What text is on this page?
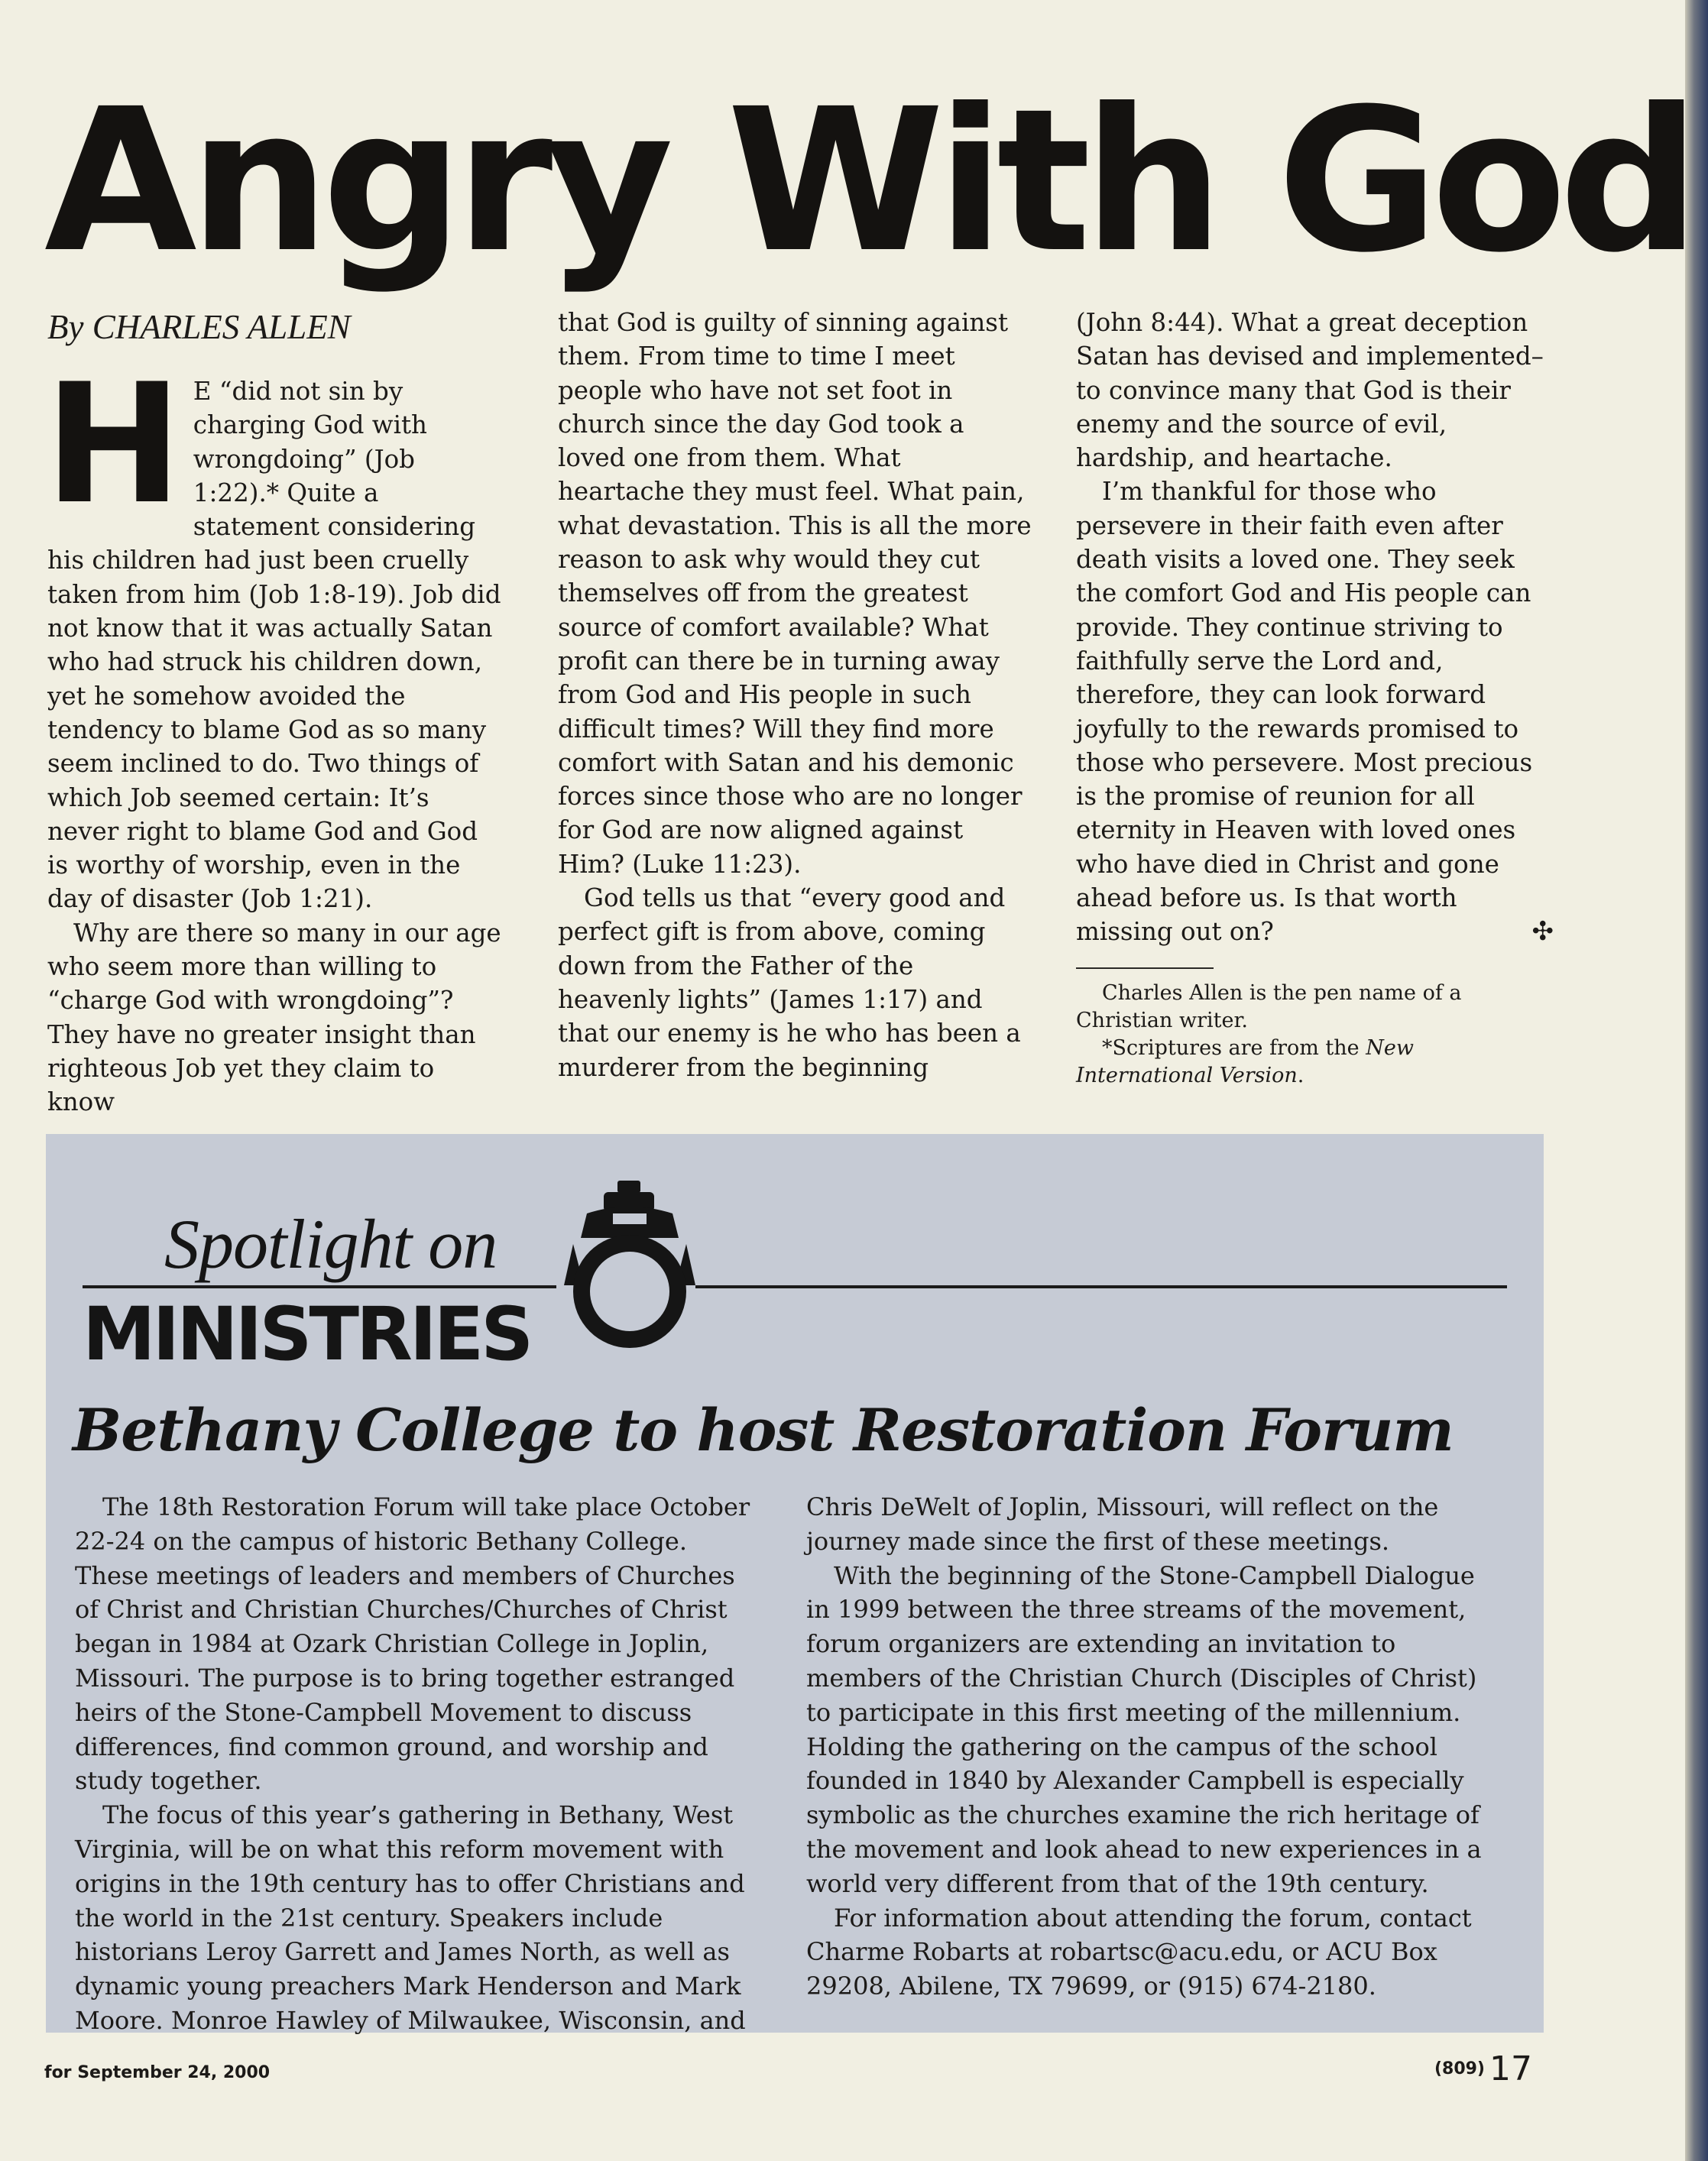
Angry With God
By CHARLES ALLEN

H E “did not sin by charging God with wrongdoing” (Job 1:22).* Quite a statement considering his children had just been cruelly taken from him (Job 1:8-19). Job did not know that it was actually Satan who had struck his children down, yet he somehow avoided the tendency to blame God as so many seem inclined to do. Two things of which Job seemed certain: It’s never right to blame God and God is worthy of worship, even in the day of disaster (Job 1:21).

Why are there so many in our age who seem more than willing to “charge God with wrongdoing”? They have no greater insight than righteous Job yet they claim to know

that God is guilty of sinning against them. From time to time I meet people who have not set foot in church since the day God took a loved one from them. What heartache they must feel. What pain, what devastation. This is all the more reason to ask why would they cut themselves off from the greatest source of comfort available? What profit can there be in turning away from God and His people in such difficult times? Will they find more comfort with Satan and his demonic forces since those who are no longer for God are now aligned against Him? (Luke 11:23).

God tells us that “every good and perfect gift is from above, coming down from the Father of the heavenly lights” (James 1:17) and that our enemy is he who has been a murderer from the beginning

(John 8:44). What a great deception Satan has devised and implemented–to convince many that God is their enemy and the source of evil, hardship, and heartache.

I’m thankful for those who persevere in their faith even after death visits a loved one. They seek the comfort God and His people can provide. They continue striving to faithfully serve the Lord and, therefore, they can look forward joyfully to the rewards promised to those who persevere. Most precious is the promise of reunion for all eternity in Heaven with loved ones who have died in Christ and gone ahead before us. Is that worth missing out on?	✣

Charles Allen is the pen name of a Christian writer.

*Scriptures are from the New International Version.

Spotlight on
MINISTRIES
Bethany College to host Restoration Forum

The 18th Restoration Forum will take place October 22-24 on the campus of historic Bethany College. These meetings of leaders and members of Churches of Christ and Christian Churches/Churches of Christ began in 1984 at Ozark Christian College in Joplin, Missouri. The purpose is to bring together estranged heirs of the Stone-Campbell Movement to discuss differences, find common ground, and worship and study together.

The focus of this year’s gathering in Bethany, West Virginia, will be on what this reform movement with origins in the 19th century has to offer Christians and the world in the 21st century. Speakers include historians Leroy Garrett and James North, as well as dynamic young preachers Mark Henderson and Mark Moore. Monroe Hawley of Milwaukee, Wisconsin, and

Chris DeWelt of Joplin, Missouri, will reflect on the journey made since the first of these meetings.

With the beginning of the Stone-Campbell Dialogue in 1999 between the three streams of the movement, forum organizers are extending an invitation to members of the Christian Church (Disciples of Christ) to participate in this first meeting of the millennium. Holding the gathering on the campus of the school founded in 1840 by Alexander Campbell is especially symbolic as the churches examine the rich heritage of the movement and look ahead to new experiences in a world very different from that of the 19th century.

For information about attending the forum, contact Charme Robarts at robartsc@acu.edu, or ACU Box 29208, Abilene, TX 79699, or (915) 674-2180.

for September 24, 2000	(809) 17
